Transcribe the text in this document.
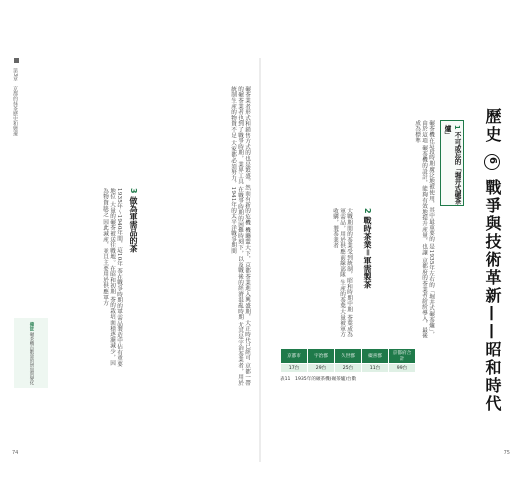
第3章　京都的抹茶歷史和變遷	碾茶業者形式和銷售方式的也是繁盛。然而有新的危機 機聯盟大下，京都茶業進入興盛期，大正時代已經可 京都一帶的碾茶業者也到了戰爭時期，業界工具 在戰爭時期的困難時刻下，以及戰後的經濟混亂時期 尤其是宇治茶業者，用於統制生產的物資不足 大家都必須努力，1941年的太平洋戰爭期間
3 做為軍需品的茶
1935年～1940年間，這10年 茶在戰爭時期的軍需品製造中佔有重要地位 大量的碾茶被送往戰地。在昭和初期 茶的栽培面積逐漸減少，因為物資缺乏 因此減產，並且主要用於供應軍方
備註 碾茶機台數量的增加與變化
74
歷史 6 戰爭與技術革新——昭和時代
1 不可或忘的「堀井式碾茶爐」
碾茶機在這段時期廣泛地被使用，其中最重要的 是1935年左右的「堀井式碾茶爐」，由於這項 碾茶機的設計，能夠有效地提升產量，也讓 京都府的茶業者紛紛導入，最後成為標準
2 戰時茶業＝軍需製茶
大戰期間的茶業受到統制，昭和時期中期 茶葉成為軍需品，用於供應前線部隊 生產的茶葉大量被軍方收購，製茶業者
京都市	宇治郡	久世郡	綴喜郡	京都府合計
17台	29台	25台	11台	99台
表11　1935年的碾茶機(碾茶爐)台數
75
